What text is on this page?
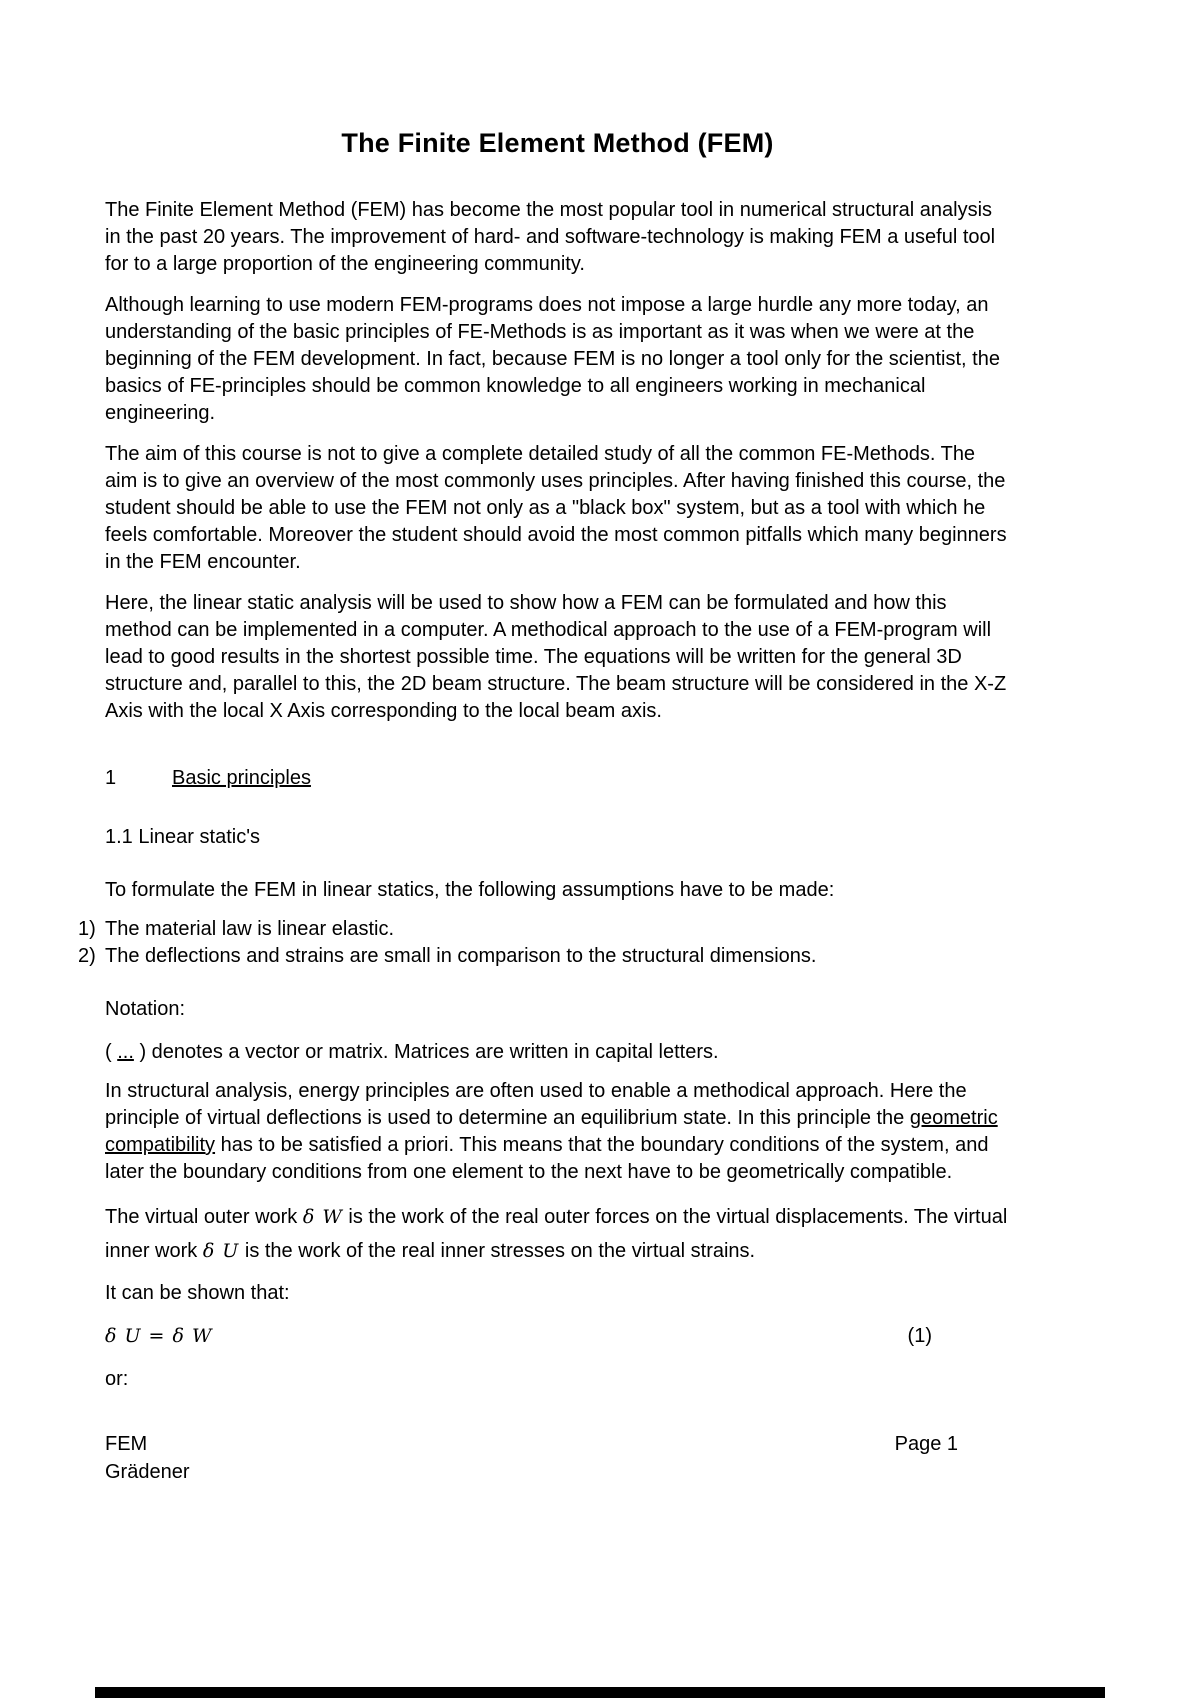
The Finite Element Method (FEM)

The Finite Element Method (FEM) has become the most popular tool in numerical structural analysis in the past 20 years. The improvement of hard- and software-technology is making FEM a useful tool for to a large proportion of the engineering community.

Although learning to use modern FEM-programs does not impose a large hurdle any more today, an understanding of the basic principles of FE-Methods is as important as it was when we were at the beginning of the FEM development. In fact, because FEM is no longer a tool only for the scientist, the basics of FE-principles should be common knowledge to all engineers working in mechanical engineering.

The aim of this course is not to give a complete detailed study of all the common FE-Methods. The aim is to give an overview of the most commonly uses principles. After having finished this course, the student should be able to use the FEM not only as a "black box" system, but as a tool with which he feels comfortable. Moreover the student should avoid the most common pitfalls which many beginners in the FEM encounter.

Here, the linear static analysis will be used to show how a FEM can be formulated and how this method can be implemented in a computer. A methodical approach to the use of a FEM-program will lead to good results in the shortest possible time. The equations will be written for the general 3D structure and, parallel to this, the 2D beam structure. The beam structure will be considered in the X-Z Axis with the local X Axis corresponding to the local beam axis.

1	Basic principles
1.1 Linear static's

To formulate the FEM in linear statics, the following assumptions have to be made:

1) The material law is linear elastic.
2) The deflections and strains are small in comparison to the structural dimensions.

Notation:

( ... ) denotes a vector or matrix. Matrices are written in capital letters.

In structural analysis, energy principles are often used to enable a methodical approach. Here the principle of virtual deflections is used to determine an equilibrium state. In this principle the geometric compatibility has to be satisfied a priori. This means that the boundary conditions of the system, and later the boundary conditions from one element to the next have to be geometrically compatible.

The virtual outer work δ W is the work of the real outer forces on the virtual displacements. The virtual inner work δ U is the work of the real inner stresses on the virtual strains.

It can be shown that:

δ U = δ W	(1)

or:

FEM
Grädener
Page 1
